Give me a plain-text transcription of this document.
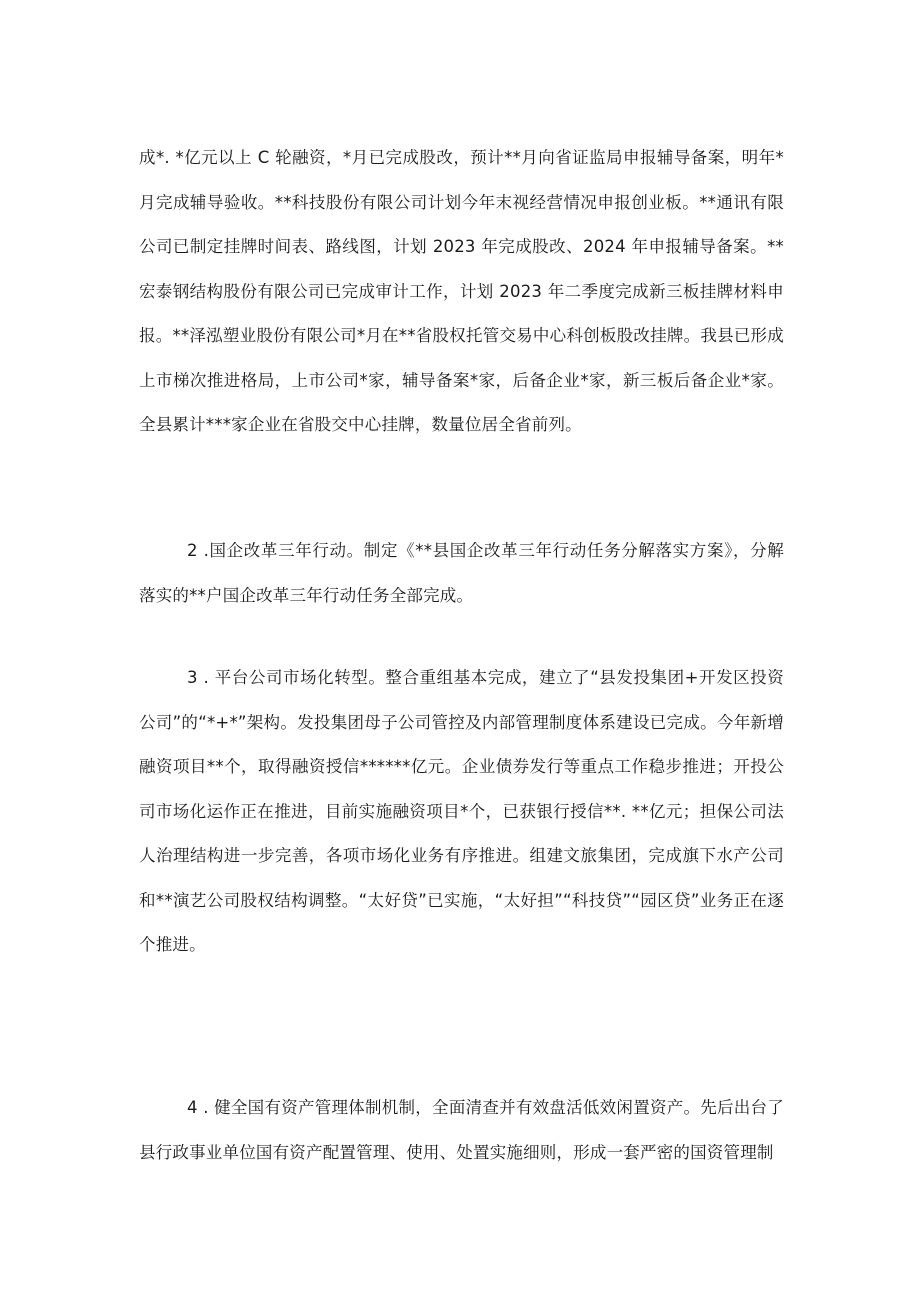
成*. *亿元以上 C 轮融资，*月已完成股改，预计**月向省证监局申报辅导备案，明年*月完成辅导验收。**科技股份有限公司计划今年末视经营情况申报创业板。**通讯有限公司已制定挂牌时间表、路线图，计划 2023 年完成股改、2024 年申报辅导备案。**宏泰钢结构股份有限公司已完成审计工作，计划 2023 年二季度完成新三板挂牌材料申报。**泽泓塑业股份有限公司*月在**省股权托管交易中心科创板股改挂牌。我县已形成上市梯次推进格局，上市公司*家，辅导备案*家，后备企业*家，新三板后备企业*家。全县累计***家企业在省股交中心挂牌，数量位居全省前列。

2 .国企改革三年行动。制定《**县国企改革三年行动任务分解落实方案》，分解落实的**户国企改革三年行动任务全部完成。

3 . 平台公司市场化转型。整合重组基本完成，建立了“县发投集团+开发区投资公司”的“*+*”架构。发投集团母子公司管控及内部管理制度体系建设已完成。今年新增融资项目**个，取得融资授信******亿元。企业债券发行等重点工作稳步推进；开投公司市场化运作正在推进，目前实施融资项目*个，已获银行授信**. **亿元；担保公司法人治理结构进一步完善，各项市场化业务有序推进。组建文旅集团，完成旗下水产公司和**演艺公司股权结构调整。“太好贷”已实施，“太好担”“科技贷”“园区贷”业务正在逐个推进。

4 . 健全国有资产管理体制机制，全面清查并有效盘活低效闲置资产。先后出台了县行政事业单位国有资产配置管理、使用、处置实施细则，形成一套严密的国资管理制
